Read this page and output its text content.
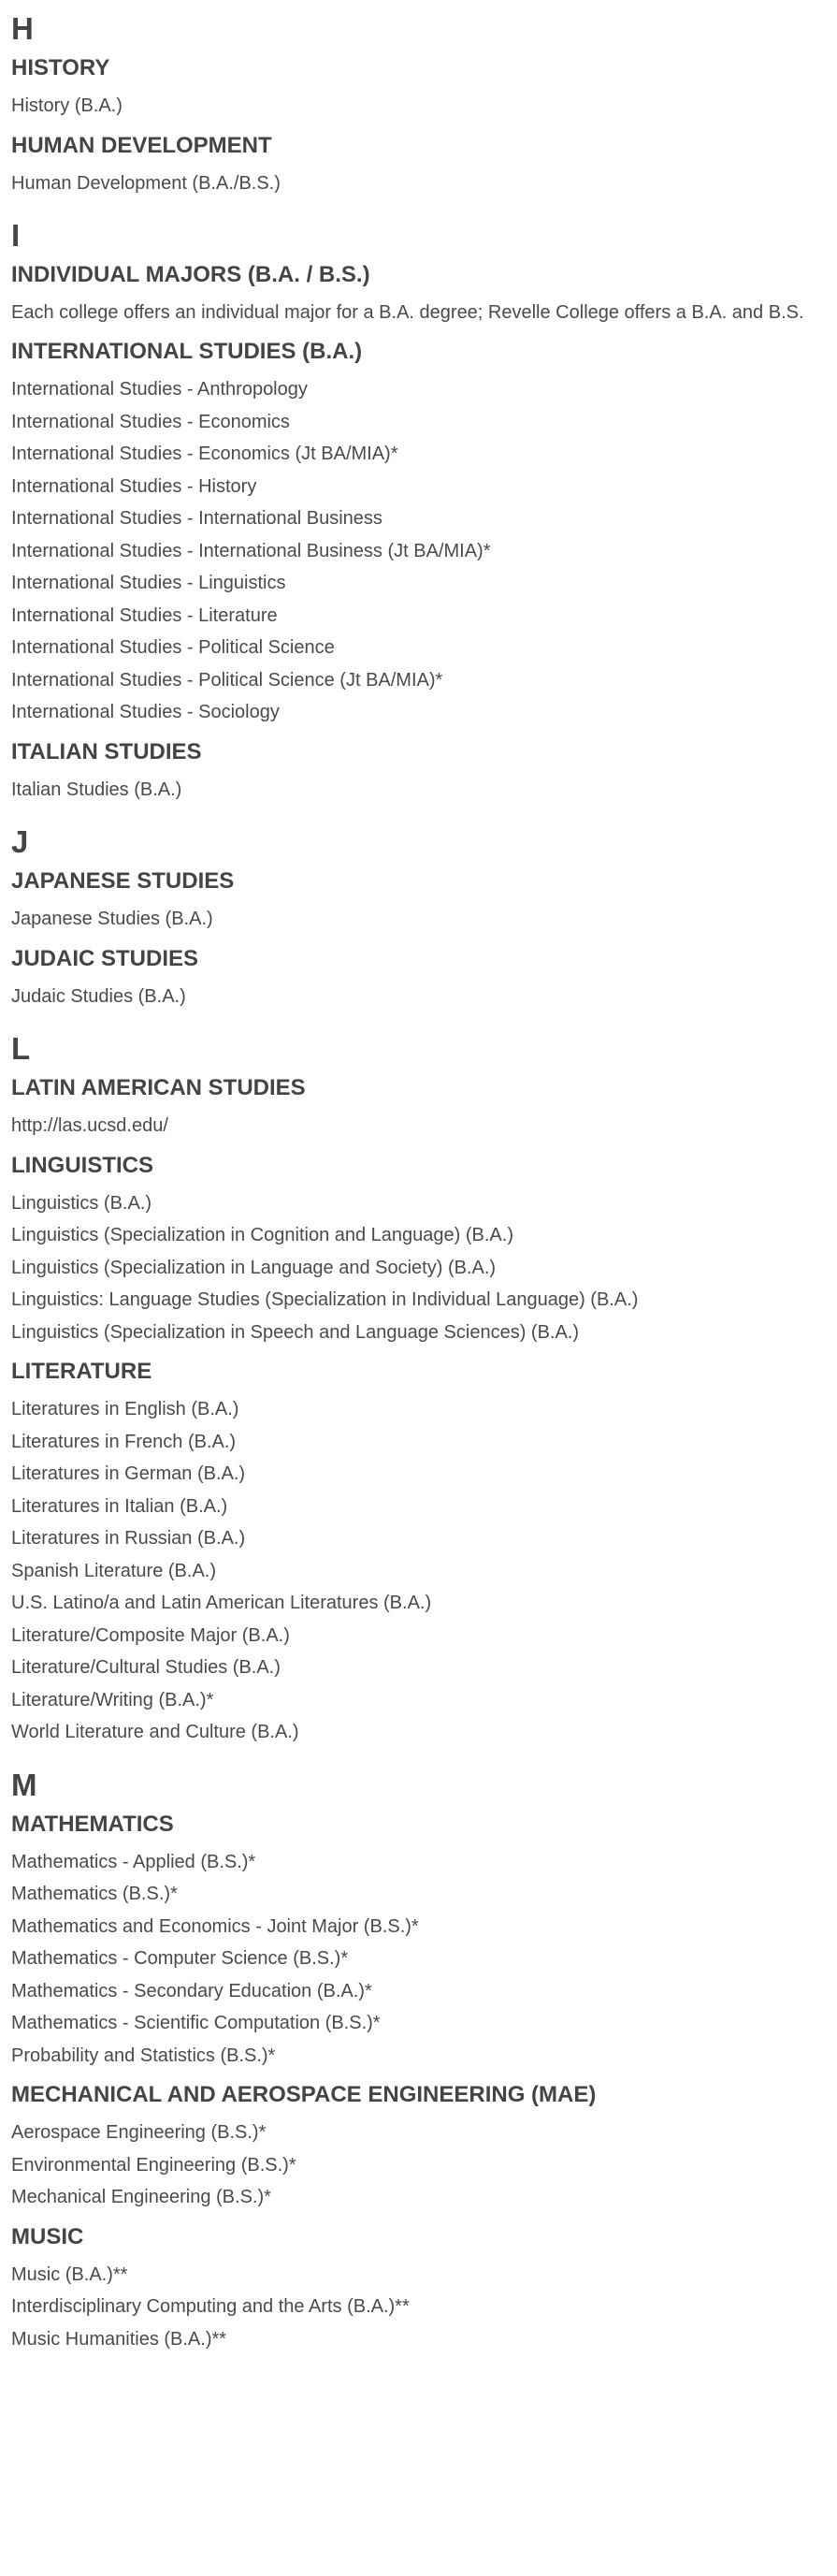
H
HISTORY
History (B.A.)
HUMAN DEVELOPMENT
Human Development (B.A./B.S.)
I
INDIVIDUAL MAJORS (B.A. / B.S.)
Each college offers an individual major for a B.A. degree; Revelle College offers a B.A. and B.S.
INTERNATIONAL STUDIES (B.A.)
International Studies - Anthropology
International Studies - Economics
International Studies - Economics (Jt BA/MIA)*
International Studies - History
International Studies - International Business
International Studies - International Business (Jt BA/MIA)*
International Studies - Linguistics
International Studies - Literature
International Studies - Political Science
International Studies - Political Science (Jt BA/MIA)*
International Studies - Sociology
ITALIAN STUDIES
Italian Studies (B.A.)
J
JAPANESE STUDIES
Japanese Studies (B.A.)
JUDAIC STUDIES
Judaic Studies (B.A.)
L
LATIN AMERICAN STUDIES
http://las.ucsd.edu/
LINGUISTICS
Linguistics (B.A.)
Linguistics (Specialization in Cognition and Language) (B.A.)
Linguistics (Specialization in Language and Society) (B.A.)
Linguistics: Language Studies (Specialization in Individual Language) (B.A.)
Linguistics (Specialization in Speech and Language Sciences) (B.A.)
LITERATURE
Literatures in English (B.A.)
Literatures in French (B.A.)
Literatures in German (B.A.)
Literatures in Italian (B.A.)
Literatures in Russian (B.A.)
Spanish Literature (B.A.)
U.S. Latino/a and Latin American Literatures (B.A.)
Literature/Composite Major (B.A.)
Literature/Cultural Studies (B.A.)
Literature/Writing (B.A.)*
World Literature and Culture (B.A.)
M
MATHEMATICS
Mathematics - Applied (B.S.)*
Mathematics (B.S.)*
Mathematics and Economics - Joint Major (B.S.)*
Mathematics - Computer Science (B.S.)*
Mathematics - Secondary Education (B.A.)*
Mathematics - Scientific Computation (B.S.)*
Probability and Statistics (B.S.)*
MECHANICAL AND AEROSPACE ENGINEERING (MAE)
Aerospace Engineering (B.S.)*
Environmental Engineering (B.S.)*
Mechanical Engineering (B.S.)*
MUSIC
Music (B.A.)**
Interdisciplinary Computing and the Arts (B.A.)**
Music Humanities (B.A.)**
